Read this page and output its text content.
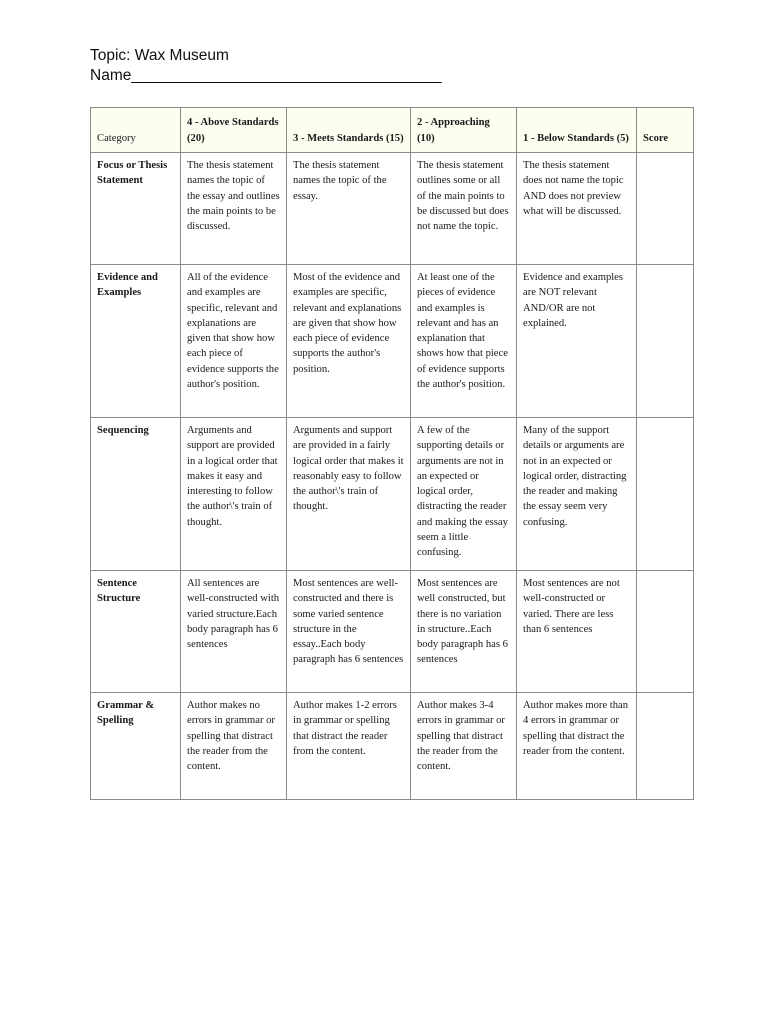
Topic: Wax Museum
Name____________________________________
Category	4 - Above Standards (20)	3 - Meets Standards (15)	2 - Approaching (10)	1 - Below Standards (5)	Score
Focus or Thesis Statement	The thesis statement names the topic of the essay and outlines the main points to be discussed.	The thesis statement names the topic of the essay.	The thesis statement outlines some or all of the main points to be discussed but does not name the topic.	The thesis statement does not name the topic AND does not preview what will be discussed.	
Evidence and Examples	All of the evidence and examples are specific, relevant and explanations are given that show how each piece of evidence supports the author's position.	Most of the evidence and examples are specific, relevant and explanations are given that show how each piece of evidence supports the author's position.	At least one of the pieces of evidence and examples is relevant and has an explanation that shows how that piece of evidence supports the author's position.	Evidence and examples are NOT relevant AND/OR are not explained.	
Sequencing	Arguments and support are provided in a logical order that makes it easy and interesting to follow the author\'s train of thought.	Arguments and support are provided in a fairly logical order that makes it reasonably easy to follow the author\'s train of thought.	A few of the supporting details or arguments are not in an expected or logical order, distracting the reader and making the essay seem a little confusing.	Many of the support details or arguments are not in an expected or logical order, distracting the reader and making the essay seem very confusing.	
Sentence Structure	All sentences are well-constructed with varied structure.Each body paragraph has 6 sentences	Most sentences are well-constructed and there is some varied sentence structure in the essay..Each body paragraph has 6 sentences	Most sentences are well constructed, but there is no variation in structure..Each body paragraph has 6 sentences	Most sentences are not well-constructed or varied. There are less than 6 sentences	
Grammar & Spelling	Author makes no errors in grammar or spelling that distract the reader from the content.	Author makes 1-2 errors in grammar or spelling that distract the reader from the content.	Author makes 3-4 errors in grammar or spelling that distract the reader from the content.	Author makes more than 4 errors in grammar or spelling that distract the reader from the content.	
